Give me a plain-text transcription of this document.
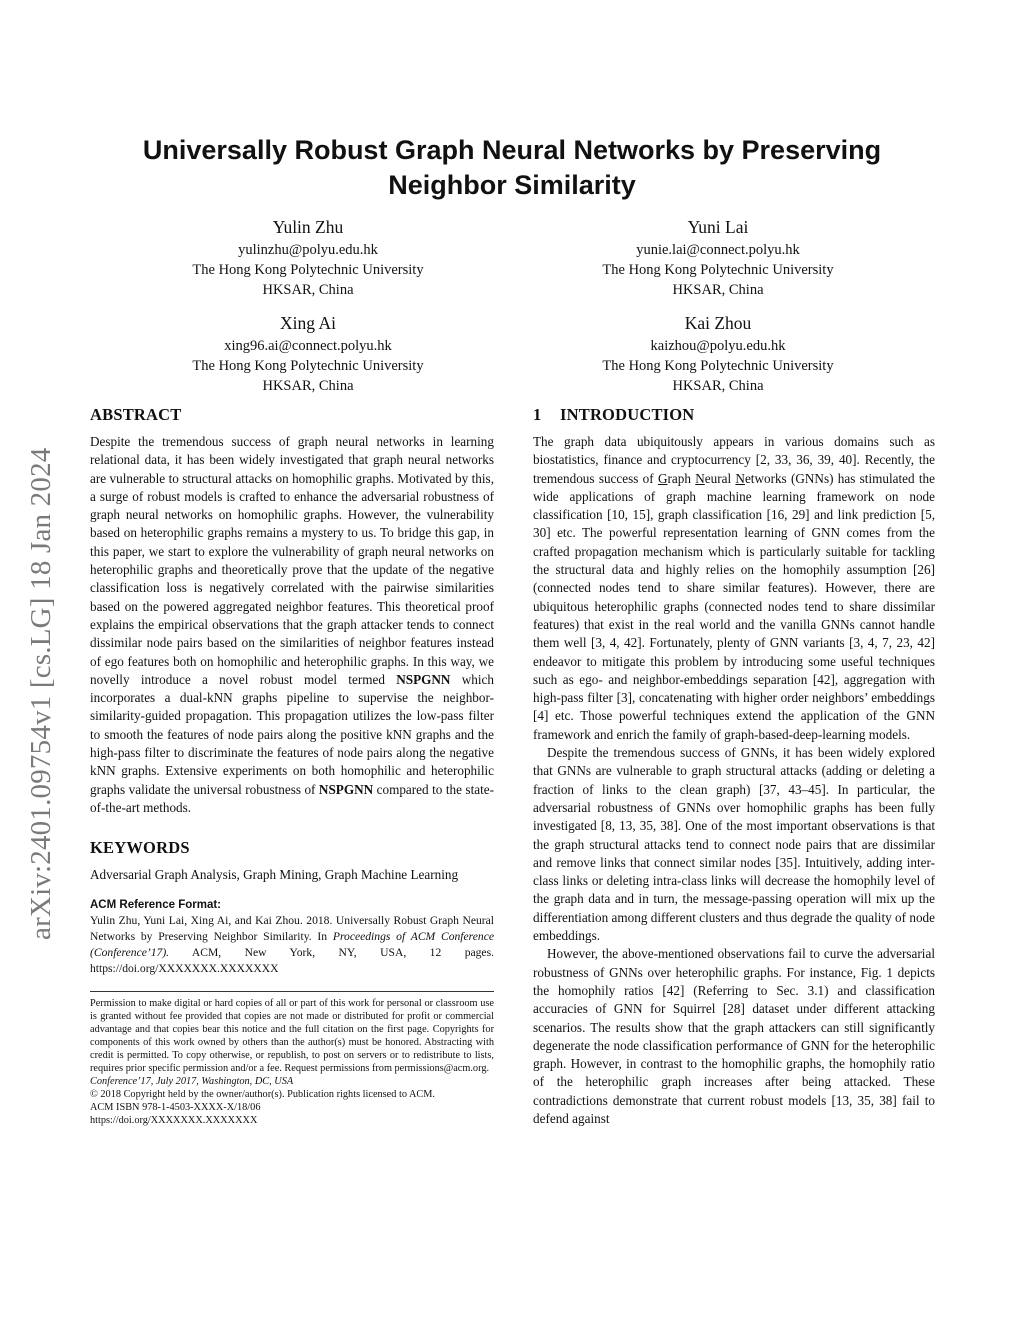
arXiv:2401.09754v1 [cs.LG] 18 Jan 2024
Universally Robust Graph Neural Networks by Preserving
Neighbor Similarity
Yulin Zhu
yulinzhu@polyu.edu.hk
The Hong Kong Polytechnic University
HKSAR, China
Yuni Lai
yunie.lai@connect.polyu.hk
The Hong Kong Polytechnic University
HKSAR, China
Xing Ai
xing96.ai@connect.polyu.hk
The Hong Kong Polytechnic University
HKSAR, China
Kai Zhou
kaizhou@polyu.edu.hk
The Hong Kong Polytechnic University
HKSAR, China
ABSTRACT

Despite the tremendous success of graph neural networks in learning relational data, it has been widely investigated that graph neural networks are vulnerable to structural attacks on homophilic graphs. Motivated by this, a surge of robust models is crafted to enhance the adversarial robustness of graph neural networks on homophilic graphs. However, the vulnerability based on heterophilic graphs remains a mystery to us. To bridge this gap, in this paper, we start to explore the vulnerability of graph neural networks on heterophilic graphs and theoretically prove that the update of the negative classification loss is negatively correlated with the pairwise similarities based on the powered aggregated neighbor features. This theoretical proof explains the empirical observations that the graph attacker tends to connect dissimilar node pairs based on the similarities of neighbor features instead of ego features both on homophilic and heterophilic graphs. In this way, we novelly introduce a novel robust model termed NSPGNN which incorporates a dual-kNN graphs pipeline to supervise the neighbor-similarity-guided propagation. This propagation utilizes the low-pass filter to smooth the features of node pairs along the positive kNN graphs and the high-pass filter to discriminate the features of node pairs along the negative kNN graphs. Extensive experiments on both homophilic and heterophilic graphs validate the universal robustness of NSPGNN compared to the state-of-the-art methods.

KEYWORDS

Adversarial Graph Analysis, Graph Mining, Graph Machine Learning

ACM Reference Format:

Yulin Zhu, Yuni Lai, Xing Ai, and Kai Zhou. 2018. Universally Robust Graph Neural Networks by Preserving Neighbor Similarity. In Proceedings of ACM Conference (Conference’17). ACM, New York, NY, USA, 12 pages. https://doi.org/XXXXXXX.XXXXXXX

Permission to make digital or hard copies of all or part of this work for personal or classroom use is granted without fee provided that copies are not made or distributed for profit or commercial advantage and that copies bear this notice and the full citation on the first page. Copyrights for components of this work owned by others than the author(s) must be honored. Abstracting with credit is permitted. To copy otherwise, or republish, to post on servers or to redistribute to lists, requires prior specific permission and/or a fee. Request permissions from permissions@acm.org.

Conference’17, July 2017, Washington, DC, USA
© 2018 Copyright held by the owner/author(s). Publication rights licensed to ACM.
ACM ISBN 978-1-4503-XXXX-X/18/06
https://doi.org/XXXXXXX.XXXXXXX
1 INTRODUCTION

The graph data ubiquitously appears in various domains such as biostatistics, finance and cryptocurrency [2, 33, 36, 39, 40]. Recently, the tremendous success of Graph Neural Networks (GNNs) has stimulated the wide applications of graph machine learning framework on node classification [10, 15], graph classification [16, 29] and link prediction [5, 30] etc. The powerful representation learning of GNN comes from the crafted propagation mechanism which is particularly suitable for tackling the structural data and highly relies on the homophily assumption [26] (connected nodes tend to share similar features). However, there are ubiquitous heterophilic graphs (connected nodes tend to share dissimilar features) that exist in the real world and the vanilla GNNs cannot handle them well [3, 4, 42]. Fortunately, plenty of GNN variants [3, 4, 7, 23, 42] endeavor to mitigate this problem by introducing some useful techniques such as ego- and neighbor-embeddings separation [42], aggregation with high-pass filter [3], concatenating with higher order neighbors’ embeddings [4] etc. Those powerful techniques extend the application of the GNN framework and enrich the family of graph-based-deep-learning models.

Despite the tremendous success of GNNs, it has been widely explored that GNNs are vulnerable to graph structural attacks (adding or deleting a fraction of links to the clean graph) [37, 43–45]. In particular, the adversarial robustness of GNNs over homophilic graphs has been fully investigated [8, 13, 35, 38]. One of the most important observations is that the graph structural attacks tend to connect node pairs that are dissimilar and remove links that connect similar nodes [35]. Intuitively, adding inter-class links or deleting intra-class links will decrease the homophily level of the graph data and in turn, the message-passing operation will mix up the differentiation among different clusters and thus degrade the quality of node embeddings.

However, the above-mentioned observations fail to curve the adversarial robustness of GNNs over heterophilic graphs. For instance, Fig. 1 depicts the homophily ratios [42] (Referring to Sec. 3.1) and classification accuracies of GNN for Squirrel [28] dataset under different attacking scenarios. The results show that the graph attackers can still significantly degenerate the node classification performance of GNN for the heterophilic graph. However, in contrast to the homophilic graphs, the homophily ratio of the heterophilic graph increases after being attacked. These contradictions demonstrate that current robust models [13, 35, 38] fail to defend against
